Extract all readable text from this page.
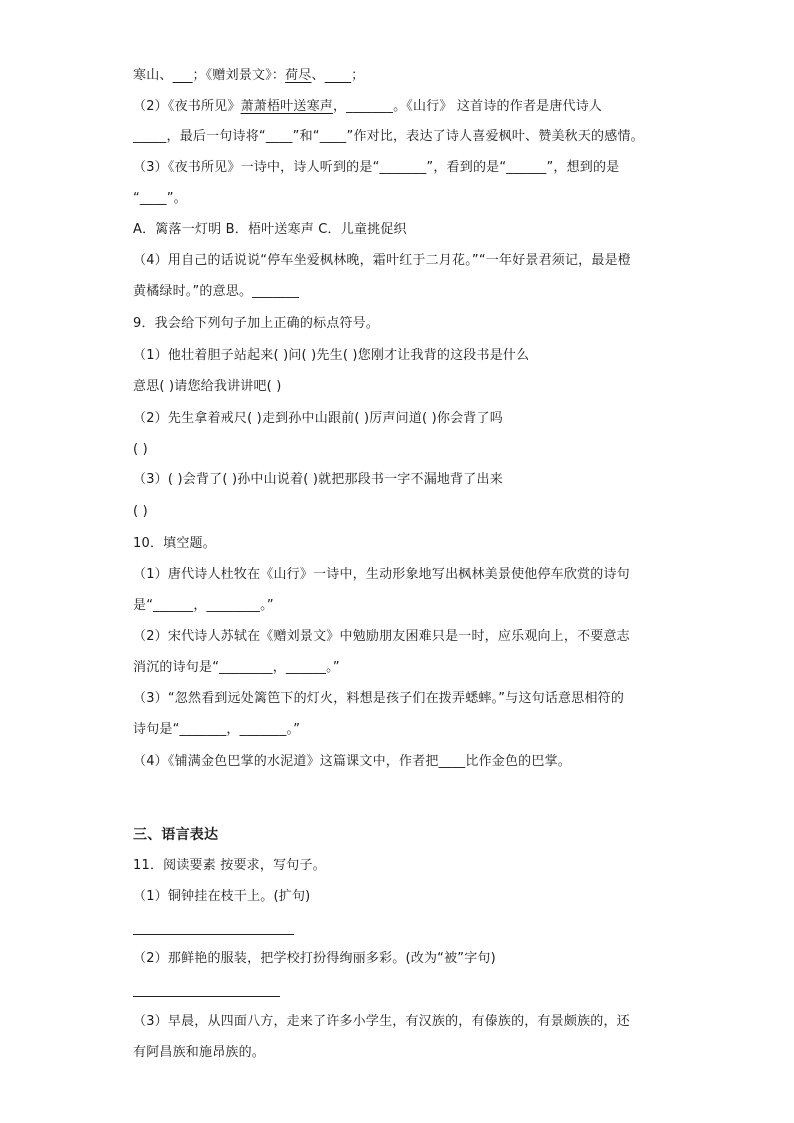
寒山、   ；《赠刘景文》：荷尽、   ；
（2）《夜书所见》萧萧梧叶送寒声，_______。《山行》 这首诗的作者是唐代诗人
_____，最后一句诗将“____”和“____”作对比，表达了诗人喜爱枫叶、赞美秋天的感情。
（3）《夜书所见》一诗中，诗人听到的是“_______”，看到的是“______”，想到的是
“____”。
A．篱落一灯明 B．梧叶送寒声 C．儿童挑促织
（4）用自己的话说说“停车坐爱枫林晚，霜叶红于二月花。”“一年好景君须记，最是橙
黄橘绿时。”的意思。_______
9．我会给下列句子加上正确的标点符号。
（1）他壮着胆子站起来( )问( )先生( )您刚才让我背的这段书是什么
意思( )请您给我讲讲吧( )
（2）先生拿着戒尺( )走到孙中山跟前( )厉声问道( )你会背了吗
( )
（3）( )会背了( )孙中山说着( )就把那段书一字不漏地背了出来
( )
10．填空题。
（1）唐代诗人杜牧在《山行》一诗中，生动形象地写出枫林美景使他停车欣赏的诗句
是“______，________。”
（2）宋代诗人苏轼在《赠刘景文》中勉励朋友困难只是一时，应乐观向上，不要意志
消沉的诗句是“________，______。”
（3）“忽然看到远处篱笆下的灯火，料想是孩子们在拨弄蟋蟀。”与这句话意思相符的
诗句是“_______，_______。”
（4）《铺满金色巴掌的水泥道》这篇课文中，作者把____比作金色的巴掌。
三、语言表达
11．阅读要素 按要求，写句子。
（1）铜钟挂在枝干上。(扩句)
（2）那鲜艳的服装，把学校打扮得绚丽多彩。(改为“被”字句)
（3）早晨，从四面八方，走来了许多小学生，有汉族的，有傣族的，有景颇族的，还
有阿昌族和施昂族的。
